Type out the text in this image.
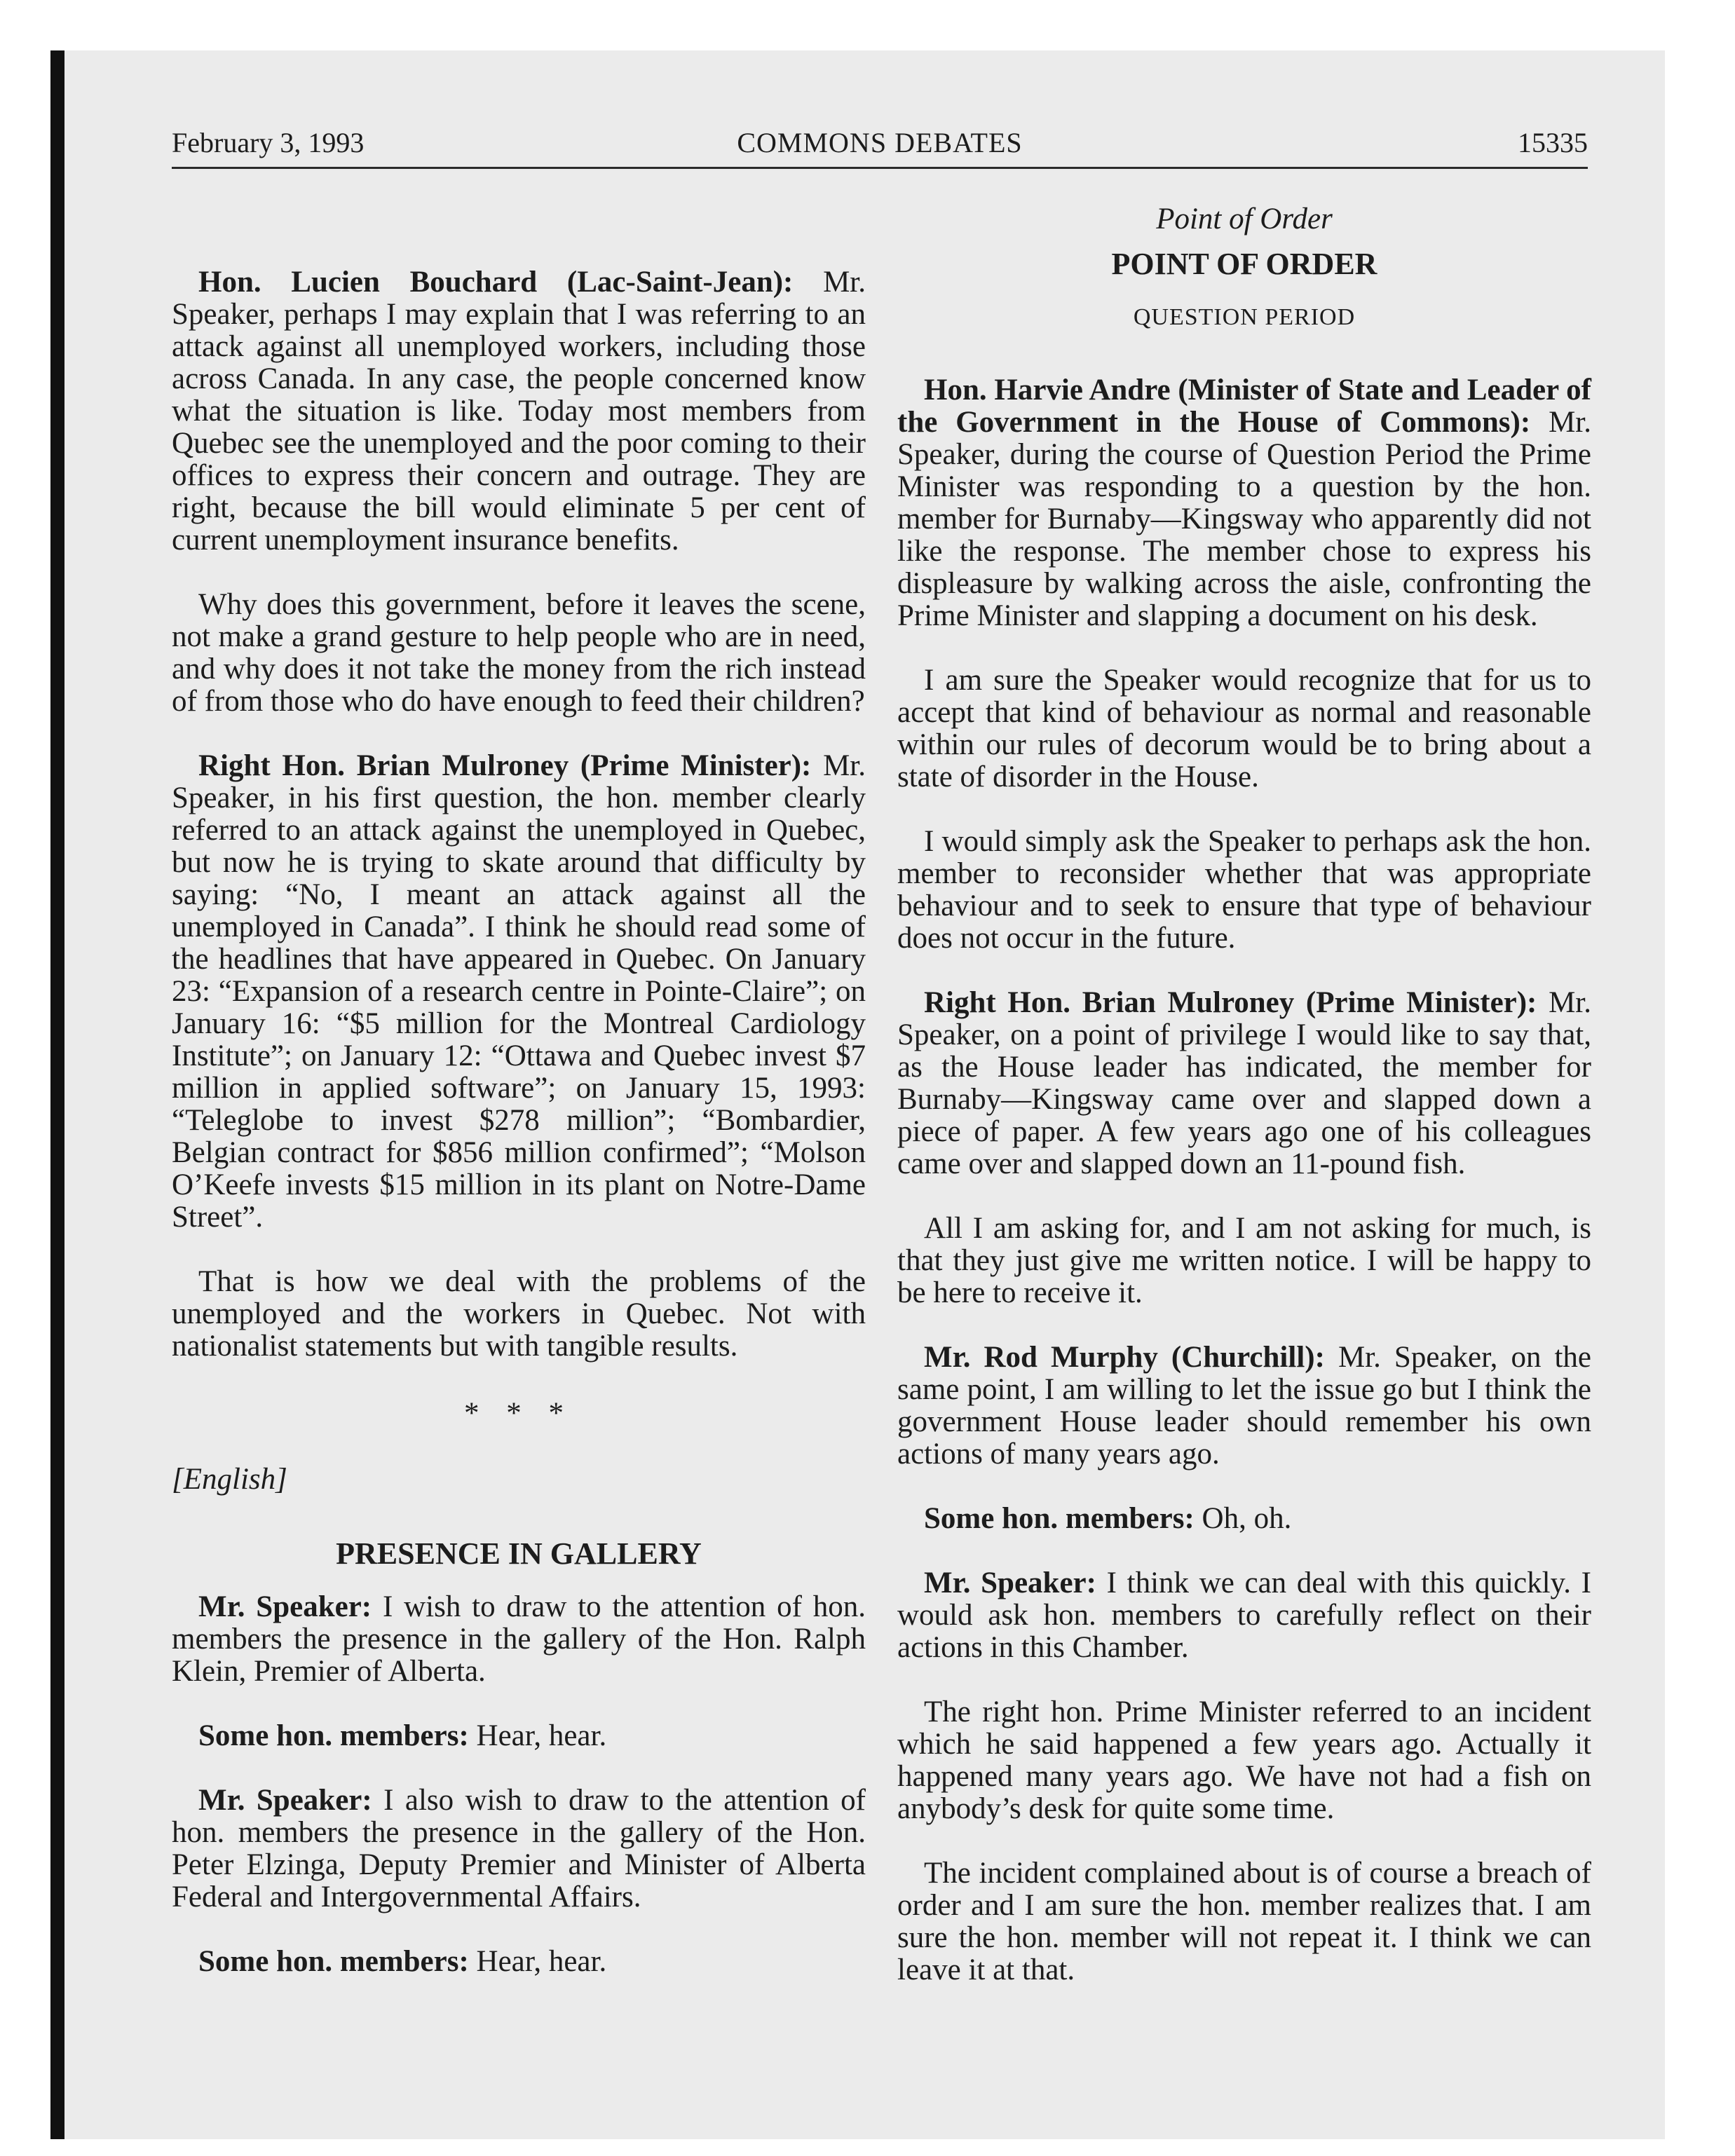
February 3, 1993	COMMONS DEBATES	15335

Hon. Lucien Bouchard (Lac-Saint-Jean): Mr. Speaker, perhaps I may explain that I was referring to an attack against all unemployed workers, including those across Canada. In any case, the people concerned know what the situation is like. Today most members from Quebec see the unemployed and the poor coming to their offices to express their concern and outrage. They are right, because the bill would eliminate 5 per cent of current unemployment insurance benefits.

Why does this government, before it leaves the scene, not make a grand gesture to help people who are in need, and why does it not take the money from the rich instead of from those who do have enough to feed their children?

Right Hon. Brian Mulroney (Prime Minister): Mr. Speaker, in his first question, the hon. member clearly referred to an attack against the unemployed in Quebec, but now he is trying to skate around that difficulty by saying: “No, I meant an attack against all the unemployed in Canada”. I think he should read some of the headlines that have appeared in Quebec. On January 23: “Expansion of a research centre in Pointe-Claire”; on January 16: “$5 million for the Montreal Cardiology Institute”; on January 12: “Ottawa and Quebec invest $7 million in applied software”; on January 15, 1993: “Teleglobe to invest $278 million”; “Bombardier, Belgian contract for $856 million confirmed”; “Molson O’Keefe invests $15 million in its plant on Notre-Dame Street”.

That is how we deal with the problems of the unemployed and the workers in Quebec. Not with nationalist statements but with tangible results.

* * *
[English]
PRESENCE IN GALLERY

Mr. Speaker: I wish to draw to the attention of hon. members the presence in the gallery of the Hon. Ralph Klein, Premier of Alberta.

Some hon. members: Hear, hear.

Mr. Speaker: I also wish to draw to the attention of hon. members the presence in the gallery of the Hon. Peter Elzinga, Deputy Premier and Minister of Alberta Federal and Intergovernmental Affairs.

Some hon. members: Hear, hear.

Point of Order
POINT OF ORDER
QUESTION PERIOD

Hon. Harvie Andre (Minister of State and Leader of the Government in the House of Commons): Mr. Speaker, during the course of Question Period the Prime Minister was responding to a question by the hon. member for Burnaby—Kingsway who apparently did not like the response. The member chose to express his displeasure by walking across the aisle, confronting the Prime Minister and slapping a document on his desk.

I am sure the Speaker would recognize that for us to accept that kind of behaviour as normal and reasonable within our rules of decorum would be to bring about a state of disorder in the House.

I would simply ask the Speaker to perhaps ask the hon. member to reconsider whether that was appropriate behaviour and to seek to ensure that type of behaviour does not occur in the future.

Right Hon. Brian Mulroney (Prime Minister): Mr. Speaker, on a point of privilege I would like to say that, as the House leader has indicated, the member for Burnaby—Kingsway came over and slapped down a piece of paper. A few years ago one of his colleagues came over and slapped down an 11-pound fish.

All I am asking for, and I am not asking for much, is that they just give me written notice. I will be happy to be here to receive it.

Mr. Rod Murphy (Churchill): Mr. Speaker, on the same point, I am willing to let the issue go but I think the government House leader should remember his own actions of many years ago.

Some hon. members: Oh, oh.

Mr. Speaker: I think we can deal with this quickly. I would ask hon. members to carefully reflect on their actions in this Chamber.

The right hon. Prime Minister referred to an incident which he said happened a few years ago. Actually it happened many years ago. We have not had a fish on anybody’s desk for quite some time.

The incident complained about is of course a breach of order and I am sure the hon. member realizes that. I am sure the hon. member will not repeat it. I think we can leave it at that.
